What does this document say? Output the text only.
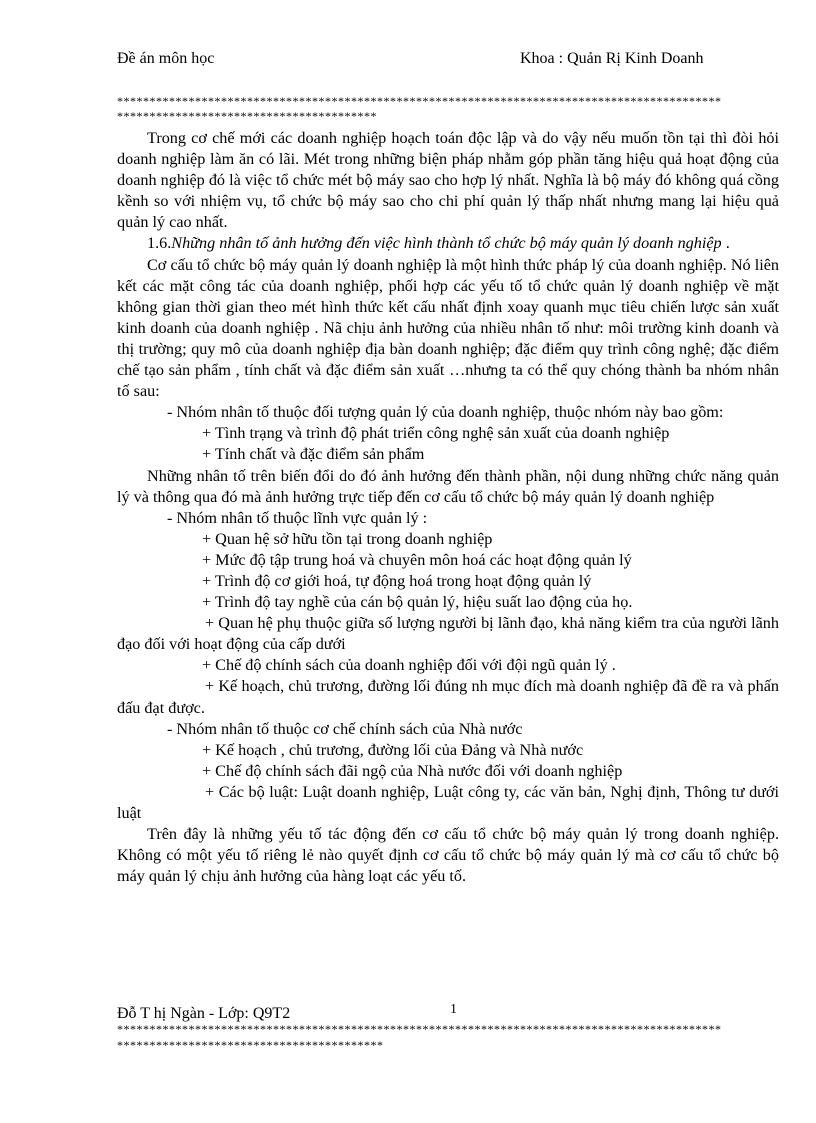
Đề án môn học	Khoa : Quản Rị Kinh Doanh
*********************************************************************************************
****************************************

Trong cơ chế mới các doanh nghiệp hoạch toán độc lập và do vậy nếu muốn tồn tại thì đòi hỏi doanh nghiệp làm ăn có lãi. Mét trong những biện pháp nhằm góp phần tăng hiệu quả hoạt động của doanh nghiệp đó là việc tổ chức mét bộ máy sao cho hợp lý nhất. Nghĩa là bộ máy đó không quá cồng kềnh so với nhiệm vụ, tổ chức bộ máy sao cho chi phí quản lý thấp nhất nhưng mang lại hiệu quả quản lý cao nhất.

1.6.Những nhân tố ảnh hưởng đến việc hình thành tổ chức bộ máy quản lý doanh nghiệp .

Cơ cấu tổ chức bộ máy quản lý doanh nghiệp là một hình thức pháp lý của doanh nghiệp. Nó liên kết các mặt công tác của doanh nghiệp, phối hợp các yếu tố tổ chức quản lý doanh nghiệp về mặt không gian thời gian theo mét hình thức kết cấu nhất định xoay quanh mục tiêu chiến lược sản xuất kinh doanh của doanh nghiệp . Nã chịu ảnh hưởng của nhiều nhân tố như: môi trường kinh doanh và thị trường; quy mô của doanh nghiệp địa bàn doanh nghiệp; đặc điểm quy trình công nghệ; đặc điểm chế tạo sản phẩm , tính chất và đặc điểm sản xuất …nhưng ta có thể quy chóng thành ba nhóm nhân tố sau:

- Nhóm nhân tố thuộc đối tượng quản lý của doanh nghiệp, thuộc nhóm này bao gồm:

+ Tình trạng và trình độ phát triển công nghệ sản xuất của doanh nghiệp

+ Tính chất và đặc điểm sản phẩm

Những nhân tố trên biến đổi do đó ảnh hưởng đến thành phần, nội dung những chức năng quản lý và thông qua đó mà ảnh hưởng trực tiếp đến cơ cấu tổ chức bộ máy quản lý doanh nghiệp

- Nhóm nhân tố thuộc lĩnh vực quản lý :

+ Quan hệ sở hữu tồn tại trong doanh nghiệp

+ Mức độ tập trung hoá và chuyên môn hoá các hoạt động quản lý

+ Trình độ cơ giới hoá, tự động hoá trong hoạt động quản lý

+ Trình độ tay nghề của cán bộ quản lý, hiệu suất lao động của họ.

+ Quan hệ phụ thuộc giữa số lượng người bị lãnh đạo, khả năng kiểm tra của người lãnh đạo đối với hoạt động của cấp dưới

+ Chế độ chính sách của doanh nghiệp đối với đội ngũ quản lý .

+ Kế hoạch, chủ trương, đường lối đúng nh mục đích mà doanh nghiệp đã đề ra và phấn đấu đạt được.

- Nhóm nhân tố thuộc cơ chế chính sách của Nhà nước

+ Kế hoạch , chủ trương, đường lối của Đảng và Nhà nước

+ Chế độ chính sách đãi ngộ của Nhà nước đối với doanh nghiệp

+ Các bộ luật: Luật doanh nghiệp, Luật công ty, các văn bản, Nghị định, Thông tư dưới luật

Trên đây là những yếu tố tác động đến cơ cấu tổ chức bộ máy quản lý trong doanh nghiệp. Không có một yếu tố riêng lẻ nào quyết định cơ cấu tổ chức bộ máy quản lý mà cơ cấu tổ chức bộ máy quản lý chịu ảnh hưởng của hàng loạt các yếu tố.

Đỗ T hị Ngàn - Lớp: Q9T2	1
*********************************************************************************************
*****************************************
